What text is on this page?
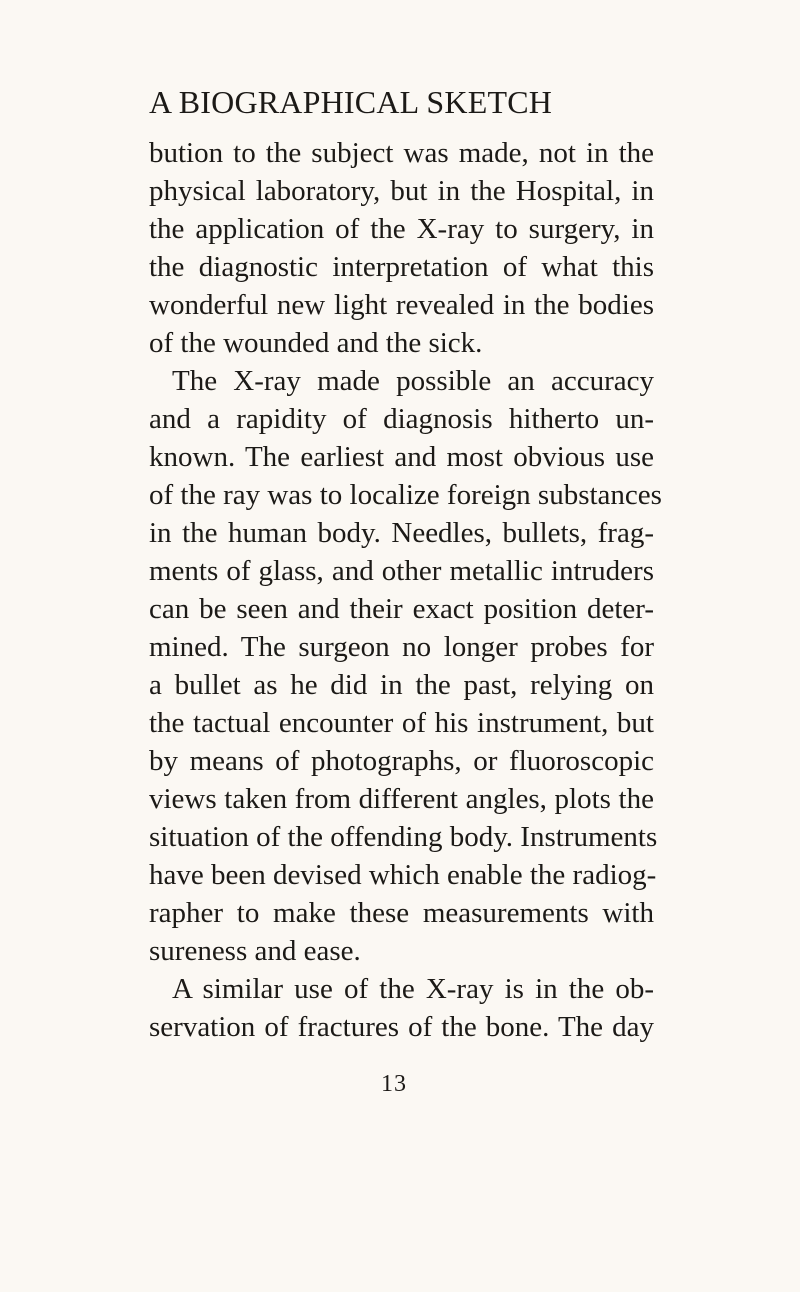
A BIOGRAPHICAL SKETCH
bution to the subject was made, not in the
physical laboratory, but in the Hospital, in
the application of the X-ray to surgery, in
the diagnostic interpretation of what this
wonderful new light revealed in the bodies
of the wounded and the sick.
The X-ray made possible an accuracy
and a rapidity of diagnosis hitherto un-
known. The earliest and most obvious use
of the ray was to localize foreign substances
in the human body. Needles, bullets, frag-
ments of glass, and other metallic intruders
can be seen and their exact position deter-
mined. The surgeon no longer probes for
a bullet as he did in the past, relying on
the tactual encounter of his instrument, but
by means of photographs, or fluoroscopic
views taken from different angles, plots the
situation of the offending body. Instruments
have been devised which enable the radiog-
rapher to make these measurements with
sureness and ease.
A similar use of the X-ray is in the ob-
servation of fractures of the bone. The day
13
